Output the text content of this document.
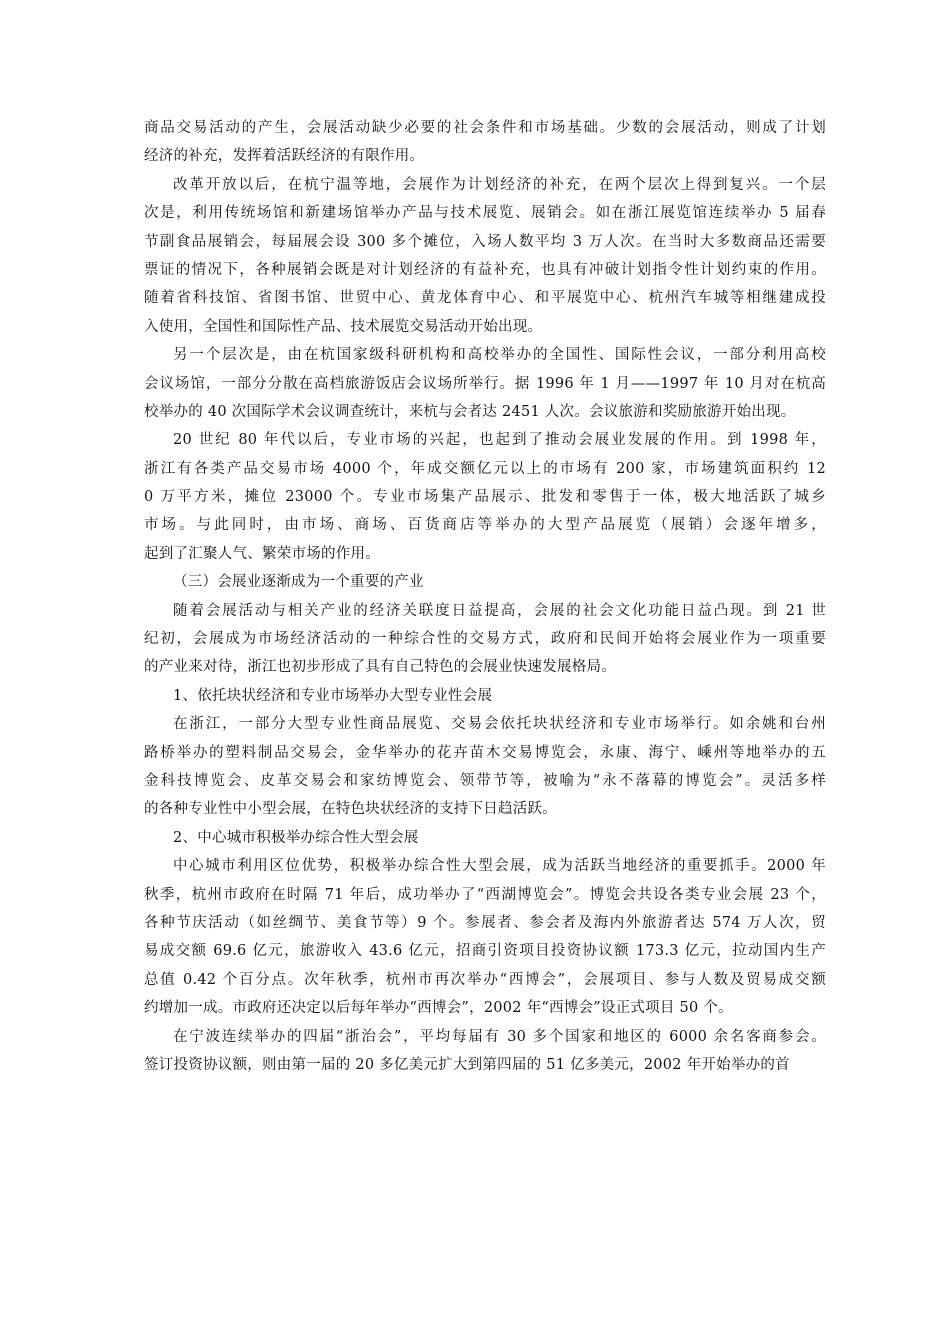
商品交易活动的产生，会展活动缺少必要的社会条件和市场基础。少数的会展活动，则成了计划
经济的补充，发挥着活跃经济的有限作用。
改革开放以后，在杭宁温等地，会展作为计划经济的补充，在两个层次上得到复兴。一个层
次是，利用传统场馆和新建场馆举办产品与技术展览、展销会。如在浙江展览馆连续举办 5 届春
节副食品展销会，每届展会设 300 多个摊位，入场人数平均 3 万人次。在当时大多数商品还需要
票证的情况下，各种展销会既是对计划经济的有益补充，也具有冲破计划指令性计划约束的作用。
随着省科技馆、省图书馆、世贸中心、黄龙体育中心、和平展览中心、杭州汽车城等相继建成投
入使用，全国性和国际性产品、技术展览交易活动开始出现。
另一个层次是，由在杭国家级科研机构和高校举办的全国性、国际性会议，一部分利用高校
会议场馆，一部分分散在高档旅游饭店会议场所举行。据 1996 年 1 月——1997 年 10 月对在杭高
校举办的 40 次国际学术会议调查统计，来杭与会者达 2451 人次。会议旅游和奖励旅游开始出现。
20 世纪 80 年代以后，专业市场的兴起，也起到了推动会展业发展的作用。到 1998 年，
浙江有各类产品交易市场 4000 个，年成交额亿元以上的市场有 200 家，市场建筑面积约 12
0 万平方米，摊位 23000 个。专业市场集产品展示、批发和零售于一体，极大地活跃了城乡
市场。与此同时，由市场、商场、百货商店等举办的大型产品展览（展销）会逐年增多，
起到了汇聚人气、繁荣市场的作用。
（三）会展业逐渐成为一个重要的产业
随着会展活动与相关产业的经济关联度日益提高，会展的社会文化功能日益凸现。到 21 世
纪初，会展成为市场经济活动的一种综合性的交易方式，政府和民间开始将会展业作为一项重要
的产业来对待，浙江也初步形成了具有自己特色的会展业快速发展格局。
1、依托块状经济和专业市场举办大型专业性会展
在浙江，一部分大型专业性商品展览、交易会依托块状经济和专业市场举行。如余姚和台州
路桥举办的塑料制品交易会，金华举办的花卉苗木交易博览会，永康、海宁、嵊州等地举办的五
金科技博览会、皮革交易会和家纺博览会、领带节等，被喻为“永不落幕的博览会”。灵活多样
的各种专业性中小型会展，在特色块状经济的支持下日趋活跃。
2、中心城市积极举办综合性大型会展
中心城市利用区位优势，积极举办综合性大型会展，成为活跃当地经济的重要抓手。2000 年
秋季，杭州市政府在时隔 71 年后，成功举办了“西湖博览会”。博览会共设各类专业会展 23 个，
各种节庆活动（如丝绸节、美食节等）9 个。参展者、参会者及海内外旅游者达 574 万人次，贸
易成交额 69.6 亿元，旅游收入 43.6 亿元，招商引资项目投资协议额 173.3 亿元，拉动国内生产
总值 0.42 个百分点。次年秋季，杭州市再次举办“西博会”，会展项目、参与人数及贸易成交额
约增加一成。市政府还决定以后每年举办“西博会”，2002 年“西博会”设正式项目 50 个。
在宁波连续举办的四届“浙治会”，平均每届有 30 多个国家和地区的 6000 余名客商参会。
签订投资协议额，则由第一届的 20 多亿美元扩大到第四届的 51 亿多美元，2002 年开始举办的首
